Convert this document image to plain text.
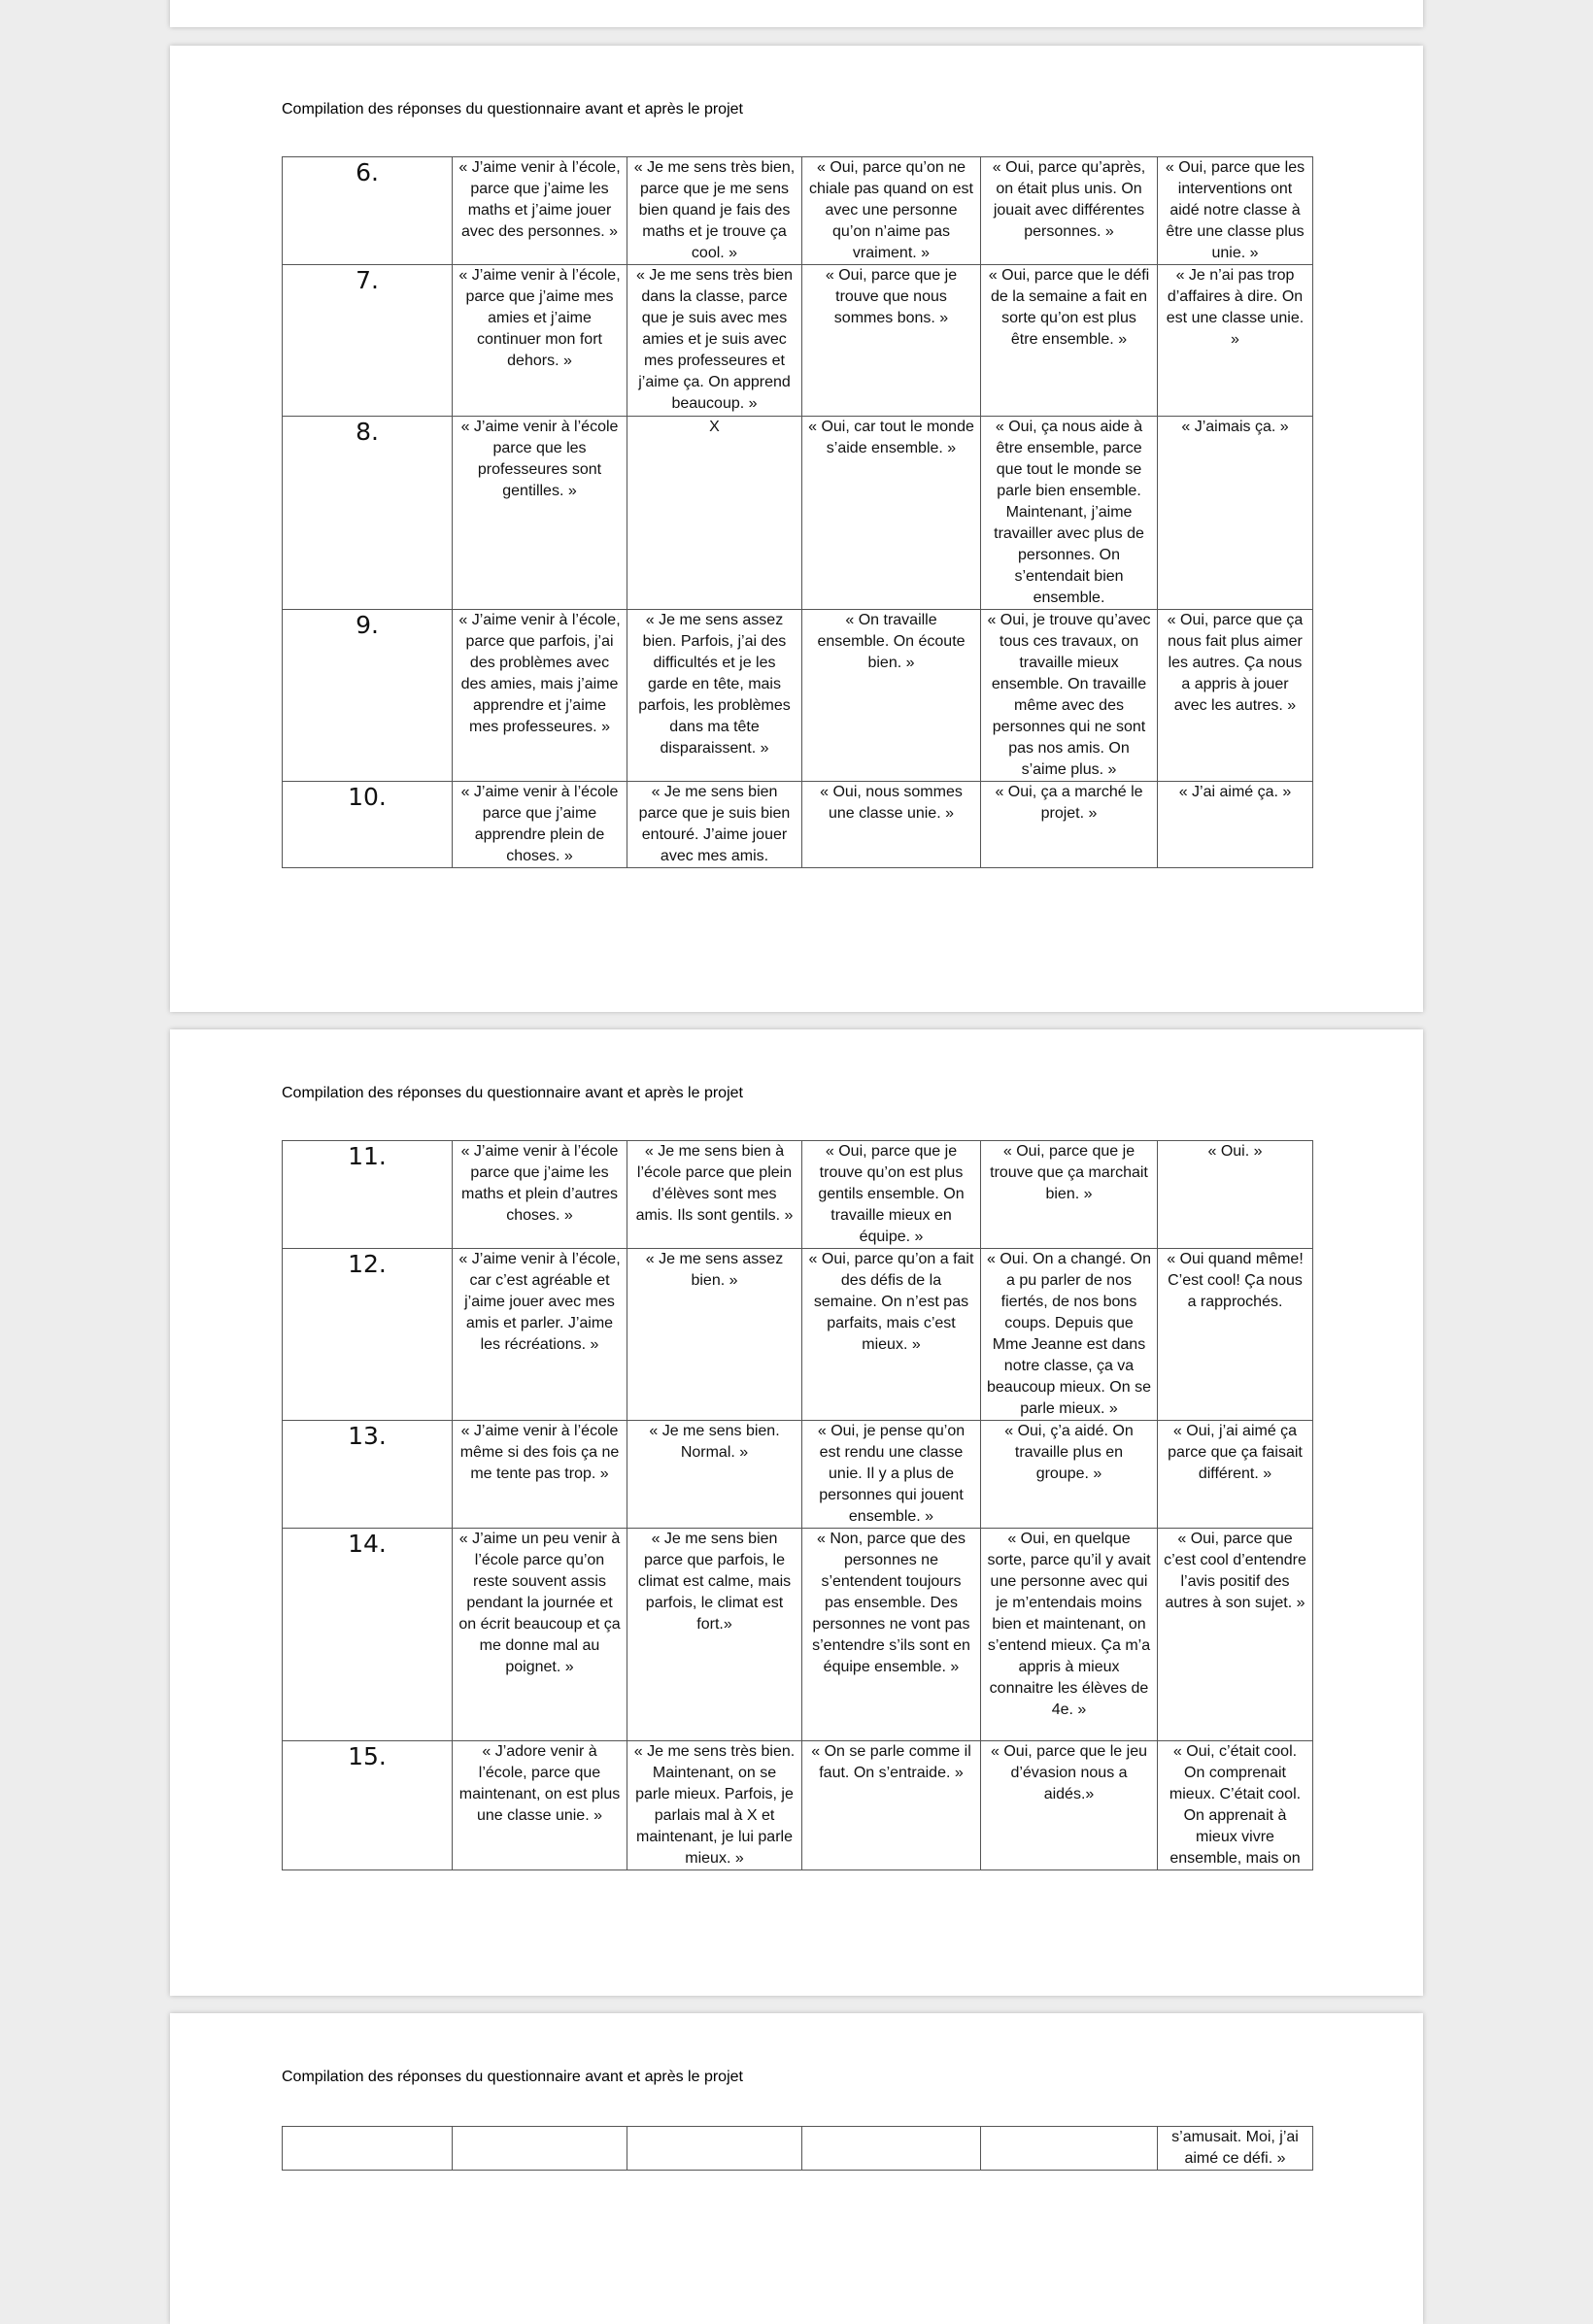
Compilation des réponses du questionnaire avant et après le projet
6.	« J’aime venir à l’école, parce que j’aime les maths et j’aime jouer avec des personnes. »	« Je me sens très bien, parce que je me sens bien quand je fais des maths et je trouve ça cool. »	« Oui, parce qu’on ne chiale pas quand on est avec une personne qu’on n’aime pas vraiment. »	« Oui, parce qu’après, on était plus unis. On jouait avec différentes personnes. »	« Oui, parce que les interventions ont aidé notre classe à être une classe plus unie. »
7.	« J’aime venir à l’école, parce que j’aime mes amies et j’aime continuer mon fort dehors. »	« Je me sens très bien dans la classe, parce que je suis avec mes amies et je suis avec mes professeures et j’aime ça. On apprend beaucoup. »	« Oui, parce que je trouve que nous sommes bons. »	« Oui, parce que le défi de la semaine a fait en sorte qu’on est plus être ensemble. »	« Je n’ai pas trop d’affaires à dire. On est une classe unie. »
8.	« J’aime venir à l’école parce que les professeures sont gentilles. »	X	« Oui, car tout le monde s’aide ensemble. »	« Oui, ça nous aide à être ensemble, parce que tout le monde se parle bien ensemble. Maintenant, j’aime travailler avec plus de personnes. On s’entendait bien ensemble.	« J’aimais ça. »
9.	« J’aime venir à l’école, parce que parfois, j’ai des problèmes avec des amies, mais j’aime apprendre et j’aime mes professeures. »	« Je me sens assez bien. Parfois, j’ai des difficultés et je les garde en tête, mais parfois, les problèmes dans ma tête disparaissent. »	« On travaille ensemble. On écoute bien. »	« Oui, je trouve qu’avec tous ces travaux, on travaille mieux ensemble. On travaille même avec des personnes qui ne sont pas nos amis. On s’aime plus. »	« Oui, parce que ça nous fait plus aimer les autres. Ça nous a appris à jouer avec les autres. »
10.	« J’aime venir à l’école parce que j’aime apprendre plein de choses. »	« Je me sens bien parce que je suis bien entouré. J’aime jouer avec mes amis.	« Oui, nous sommes une classe unie. »	« Oui, ça a marché le projet. »	« J’ai aimé ça. »
Compilation des réponses du questionnaire avant et après le projet
11.	« J’aime venir à l’école parce que j’aime les maths et plein d’autres choses. »	« Je me sens bien à l’école parce que plein d’élèves sont mes amis. Ils sont gentils. »	« Oui, parce que je trouve qu’on est plus gentils ensemble. On travaille mieux en équipe. »	« Oui, parce que je trouve que ça marchait bien. »	« Oui. »
12.	« J’aime venir à l’école, car c’est agréable et j’aime jouer avec mes amis et parler. J’aime les récréations. »	« Je me sens assez bien. »	« Oui, parce qu’on a fait des défis de la semaine. On n’est pas parfaits, mais c’est mieux. »	« Oui. On a changé. On a pu parler de nos fiertés, de nos bons coups. Depuis que Mme Jeanne est dans notre classe, ça va beaucoup mieux. On se parle mieux. »	« Oui quand même! C’est cool! Ça nous a rapprochés.
13.	« J’aime venir à l’école même si des fois ça ne me tente pas trop. »	« Je me sens bien. Normal. »	« Oui, je pense qu’on est rendu une classe unie. Il y a plus de personnes qui jouent ensemble. »	« Oui, ç’a aidé. On travaille plus en groupe. »	« Oui, j’ai aimé ça parce que ça faisait différent. »
14.	« J’aime un peu venir à l’école parce qu’on reste souvent assis pendant la journée et on écrit beaucoup et ça me donne mal au poignet. »	« Je me sens bien parce que parfois, le climat est calme, mais parfois, le climat est fort.»	« Non, parce que des personnes ne s’entendent toujours pas ensemble. Des personnes ne vont pas s’entendre s’ils sont en équipe ensemble. »	« Oui, en quelque sorte, parce qu’il y avait une personne avec qui je m’entendais moins bien et maintenant, on s’entend mieux. Ça m’a appris à mieux connaitre les élèves de 4e. »	« Oui, parce que c’est cool d’entendre l’avis positif des autres à son sujet. »
15.	« J’adore venir à l’école, parce que maintenant, on est plus une classe unie. »	« Je me sens très bien. Maintenant, on se parle mieux. Parfois, je parlais mal à X et maintenant, je lui parle mieux. »	« On se parle comme il faut. On s’entraide. »	« Oui, parce que le jeu d’évasion nous a aidés.»	« Oui, c’était cool. On comprenait mieux. C’était cool. On apprenait à mieux vivre ensemble, mais on
Compilation des réponses du questionnaire avant et après le projet
					s’amusait. Moi, j’ai aimé ce défi. »
